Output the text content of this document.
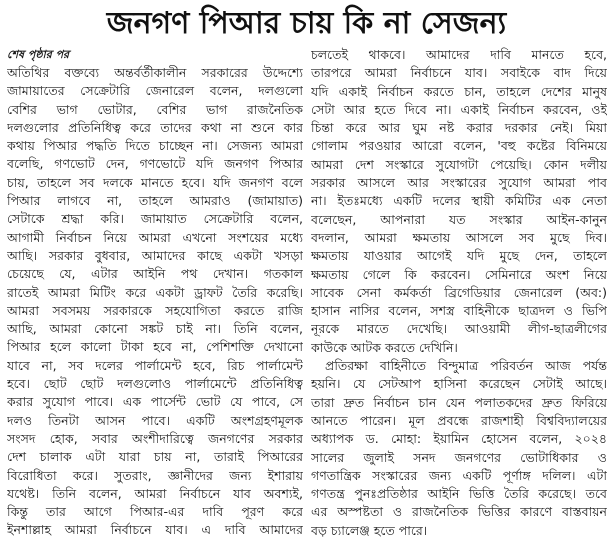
জনগণ পিআর চায় কি না সেজন্য
শেষ পৃষ্ঠার পর
অতিথির বক্তব্যে অন্তর্বর্তীকালীন সরকারের উদ্দেশ্যে
জামায়াতের সেক্রেটারি জেনারেল বলেন, দলগুলো
বেশির ভাগ ভোটার, বেশির ভাগ রাজনৈতিক
দলগুলোর প্রতিনিধিত্ব করে তাদের কথা না শুনে কার
কথায় পিআর পদ্ধতি দিতে চাচ্ছেন না। সেজন্য আমরা
বলেছি, গণভোট দেন, গণভোটে যদি জনগণ পিআর
চায়, তাহলে সব দলকে মানতে হবে। যদি জনগণ বলে
পিআর লাগবে না, তাহলে আমরাও (জামায়াত)
সেটাকে শ্রদ্ধা করি। জামায়াত সেক্রেটারি বলেন,
আগামী নির্বাচন নিয়ে আমরা এখনো সংশয়ের মধ্যে
আছি। সরকার বুধবার, আমাদের কাছে একটা খসড়া
চেয়েছে যে, এটার আইনি পথ দেখান। গতকাল
রাতেই আমরা মিটিং করে একটা ড্রাফট তৈরি করেছি।
আমরা সবসময় সরকারকে সহযোগিতা করতে রাজি
আছি, আমরা কোনো সঙ্কট চাই না। তিনি বলেন,
পিআর হলে কালো টাকা হবে না, পেশিশক্তি দেখানো
যাবে না, সব দলের পার্লামেন্ট হবে, রিচ পার্লামেন্ট
হবে। ছোট ছোট দলগুলোও পার্লামেন্টে প্রতিনিধিত্ব
করার সুযোগ পাবে। এক পার্সেন্ট ভোট যে পাবে, সে
দলও তিনটা আসন পাবে। একটি অংশগ্রহণমূলক
সংসদ হোক, সবার অংশীদারিত্বে জনগণের সরকার
দেশ চালাক এটা যারা চায় না, তারাই পিআরের
বিরোধিতা করে। সুতরাং, জ্ঞানীদের জন্য ইশারায়
যথেষ্ট। তিনি বলেন, আমরা নির্বাচনে যাব অবশ্যই,
কিন্তু তার আগে পিআর-এর দাবি পূরণ করে
ইনশাল্লাহ আমরা নির্বাচনে যাব। এ দাবি আমাদের
চলতেই থাকবে। আমাদের দাবি মানতে হবে,
তারপরে আমরা নির্বাচনে যাব। সবাইকে বাদ দিয়ে
যদি একাই নির্বাচন করতে চান, তাহলে দেশের মানুষ
সেটা আর হতে দিবে না। একাই নির্বাচন করবেন, ওই
চিন্তা করে আর ঘুম নষ্ট করার দরকার নেই। মিয়া
গোলাম পরওয়ার আরো বলেন, 'বহু কষ্টের বিনিময়ে
আমরা দেশ সংস্কারে সুযোগটা পেয়েছি। কোন দলীয়
সরকার আসলে আর সংস্কারের সুযোগ আমরা পাব
না। ইতঃমধ্যে একটি দলের স্থায়ী কমিটির এক নেতা
বলেছেন, আপনারা যত সংস্কার আইন-কানুন
বদলান, আমরা ক্ষমতায় আসলে সব মুছে দিব।
ক্ষমতায় যাওয়ার আগেই যদি মুছে দেন, তাহলে
ক্ষমতায় গেলে কি করবেন। সেমিনারে অংশ নিয়ে
সাবেক সেনা কর্মকর্তা ব্রিগেডিয়ার জেনারেল (অব:)
হাসান নাসির বলেন, সশস্ত্র বাহিনীকে ছাত্রদল ও ভিপি
নূরকে মারতে দেখেছি। আওয়ামী লীগ-ছাত্রলীগের
কাউকে আটক করতে দেখিনি।
প্রতিরক্ষা বাহিনীতে বিন্দুমাত্র পরিবর্তন আজ পর্যন্ত
হয়নি। যে সেটআপ হাসিনা করেছেন সেটাই আছে।
তারা দ্রুত নির্বাচন চান যেন পলাতকদের দ্রুত ফিরিয়ে
আনতে পারেন। মূল প্রবন্ধে রাজশাহী বিশ্ববিদ্যালয়ের
অধ্যাপক ড. মোহা: ইয়ামিন হোসেন বলেন, ২০২৪
সালের জুলাই সনদ জনগণের ভোটাধিকার ও
গণতান্ত্রিক সংস্কারের জন্য একটি পূর্ণাঙ্গ দলিল। এটা
গণতন্ত্র পুনঃপ্রতিষ্ঠার আইনি ভিত্তি তৈরি করেছে। তবে
এর অস্পষ্টতা ও রাজনৈতিক ভিত্তির কারণে বাস্তবায়ন
বড় চ্যালেঞ্জ হতে পারে।
